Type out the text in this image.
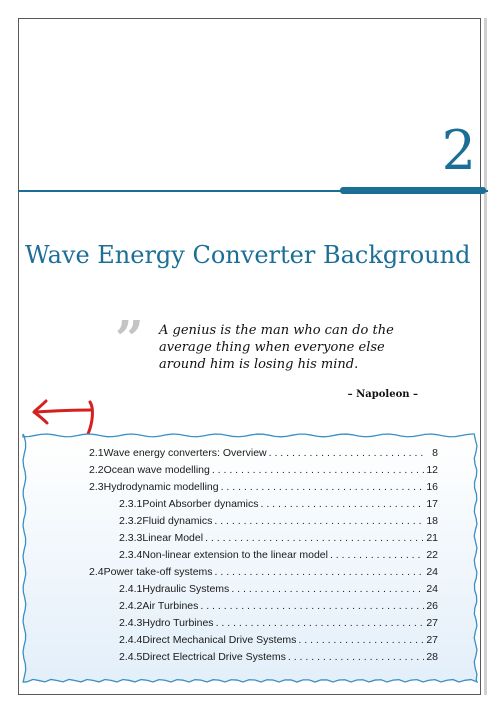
2
Wave Energy Converter Background
” A genius is the man who can do the average thing when everyone else around him is losing his mind.

– Napoleon –
2.1 Wave energy converters: Overview . . .	8
2.2 Ocean wave modelling . . .	12
2.3 Hydrodynamic modelling . . .	16
2.3.1 Point Absorber dynamics . . .	17
2.3.2 Fluid dynamics . . .	18
2.3.3 Linear Model . . .	21
2.3.4 Non-linear extension to the linear model . . .	22
2.4 Power take-off systems . . .	24
2.4.1 Hydraulic Systems . . .	24
2.4.2 Air Turbines . . .	26
2.4.3 Hydro Turbines . . .	27
2.4.4 Direct Mechanical Drive Systems . . .	27
2.4.5 Direct Electrical Drive Systems . . .	28
